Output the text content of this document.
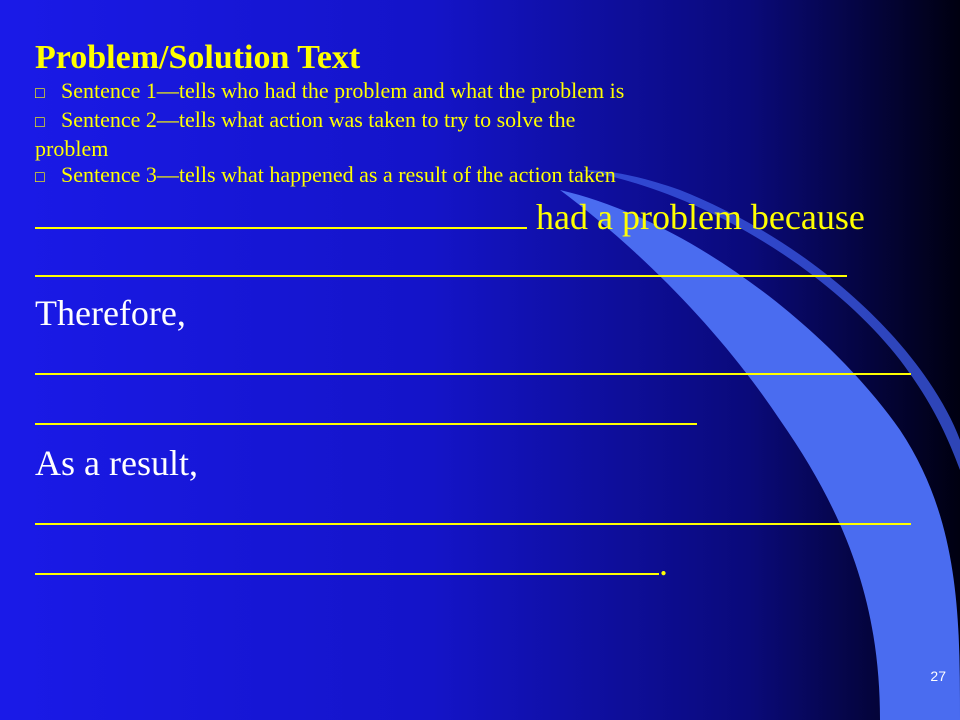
Problem/Solution Text

□ Sentence 1—tells who had the problem and what the problem is

□ Sentence 2—tells what action was taken to try to solve the

problem

□ Sentence 3—tells what happened as a result of the action taken

had a problem because

Therefore,

As a result,

.

27
